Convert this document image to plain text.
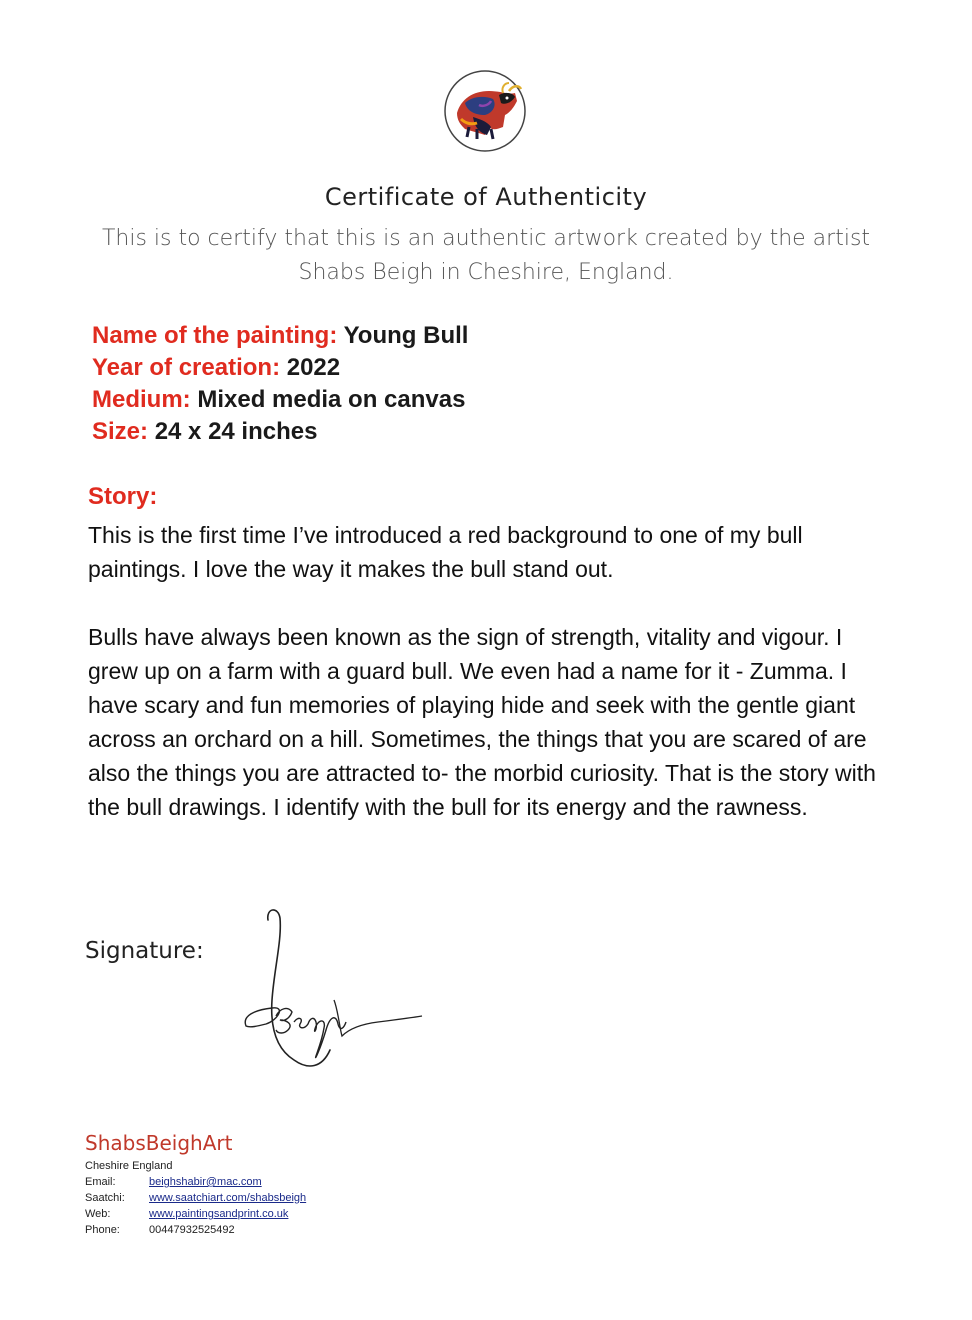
Certificate of Authenticity
This is to certify that this is an authentic artwork created by the artist
Shabs Beigh in Cheshire, England.
Name of the painting: Young Bull
Year of creation: 2022
Medium: Mixed media on canvas
Size: 24 x 24 inches
Story:

This is the first time I’ve introduced a red background to one of my bull paintings. I love the way it makes the bull stand out.

Bulls have always been known as the sign of strength, vitality and vigour. I grew up on a farm with a guard bull. We even had a name for it - Zumma. I have scary and fun memories of playing hide and seek with the gentle giant across an orchard on a hill. Sometimes, the things that you are scared of are also the things you are attracted to- the morbid curiosity. That is the story with the bull drawings. I identify with the bull for its energy and the rawness.

Signature:
ShabsBeighArt
Cheshire England
Email:	beighshabir@mac.com
Saatchi:	www.saatchiart.com/shabsbeigh
Web:	www.paintingsandprint.co.uk
Phone:	00447932525492
